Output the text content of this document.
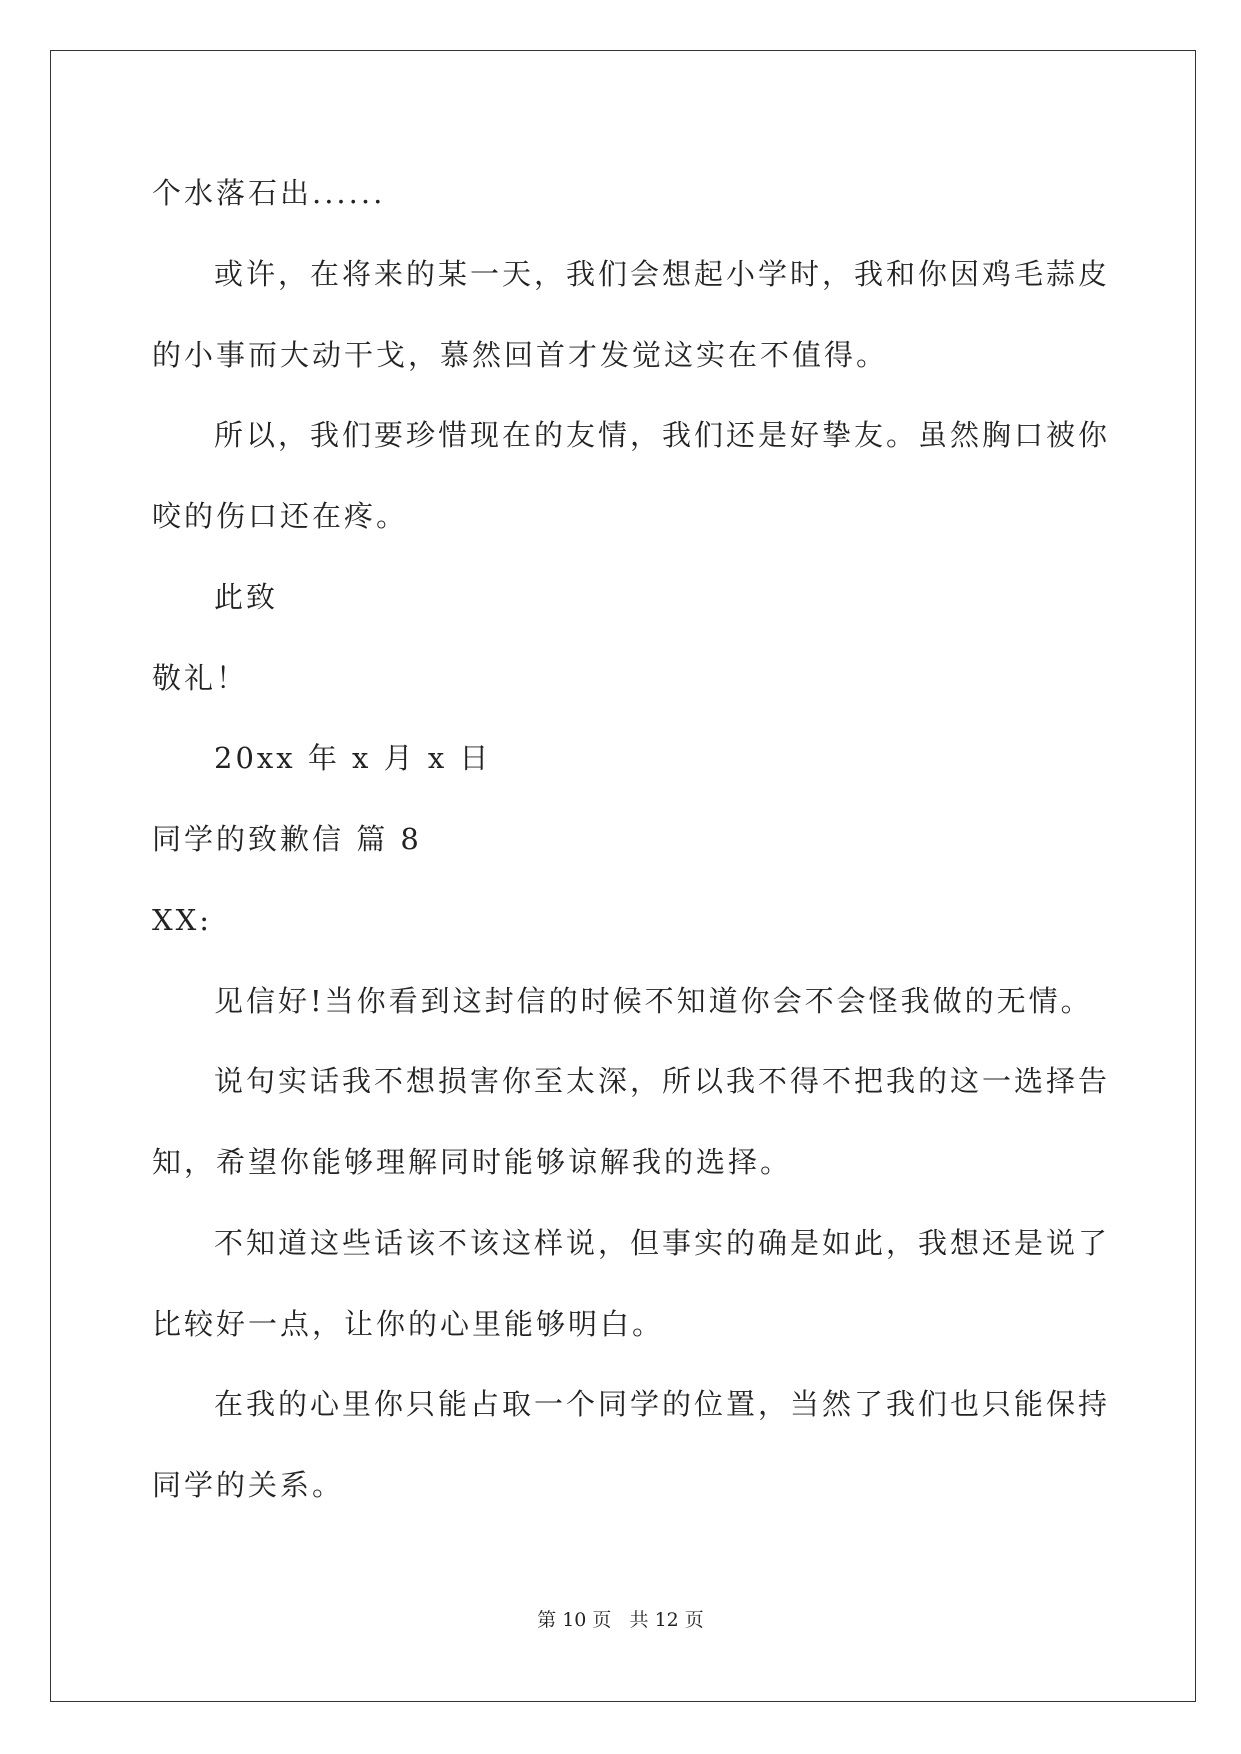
个水落石出......
或许，在将来的某一天，我们会想起小学时，我和你因鸡毛蒜皮
的小事而大动干戈，慕然回首才发觉这实在不值得。
所以，我们要珍惜现在的友情，我们还是好挚友。虽然胸口被你
咬的伤口还在疼。
此致
敬礼！
20xx 年 x 月 x 日
同学的致歉信 篇 8
XX:
见信好!当你看到这封信的时候不知道你会不会怪我做的无情。
说句实话我不想损害你至太深，所以我不得不把我的这一选择告
知，希望你能够理解同时能够谅解我的选择。
不知道这些话该不该这样说，但事实的确是如此，我想还是说了
比较好一点，让你的心里能够明白。
在我的心里你只能占取一个同学的位置，当然了我们也只能保持
同学的关系。
第 10 页   共 12 页
